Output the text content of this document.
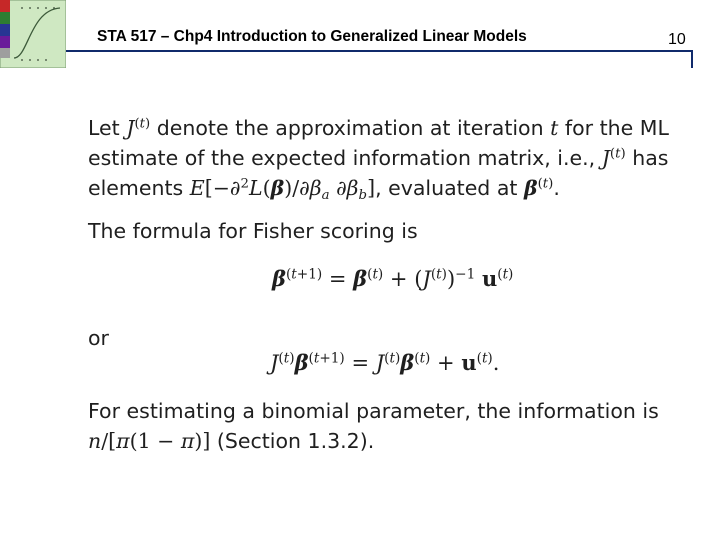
STA 517 – Chp4 Introduction to Generalized Linear Models	10
Let $J^{(t)}$ denote the approximation at iteration t for the ML
estimate of the expected information matrix, i.e., $J^{(t)}$ has
elements $E[-\partial^2L(\beta)/\partial\beta_a$ $\partial\beta_b$], evaluated at $\beta^{(t)}$.
The formula for Fisher scoring is
$\beta^{(t+1)} = \beta^{(t)} + (J^{(t)})^{-1}$ $u^{(t)}$
or
$J^{(t)}\beta^{(t+1)} = J^{(t)}\beta^{(t)} + u^{(t)}$.
For estimating a binomial parameter, the information is
n/[π(1 − π)] (Section 1.3.2).
